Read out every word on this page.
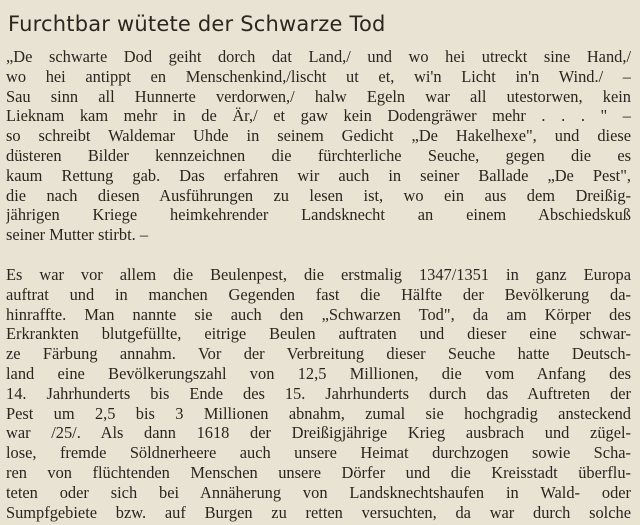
Furchtbar wütete der Schwarze Tod
„De schwarte Dod geiht dorch dat Land,/ und wo hei utreckt sine Hand,/
wo hei antippt en Menschenkind,/lischt ut et, wi'n Licht in'n Wind./ –
Sau sinn all Hunnerte verdorwen,/ halw Egeln war all utestorwen, kein
Lieknam kam mehr in de Är,/ et gaw kein Dodengräwer mehr . . . " –
so schreibt Waldemar Uhde in seinem Gedicht „De Hakelhexe", und diese
düsteren Bilder kennzeichnen die fürchterliche Seuche, gegen die es
kaum Rettung gab. Das erfahren wir auch in seiner Ballade „De Pest",
die nach diesen Ausführungen zu lesen ist, wo ein aus dem Dreißig-
jährigen Kriege heimkehrender Landsknecht an einem Abschiedskuß
seiner Mutter stirbt. –
Es war vor allem die Beulenpest, die erstmalig 1347/1351 in ganz Europa
auftrat und in manchen Gegenden fast die Hälfte der Bevölkerung da-
hinraffte. Man nannte sie auch den „Schwarzen Tod", da am Körper des
Erkrankten blutgefüllte, eitrige Beulen auftraten und dieser eine schwar-
ze Färbung annahm. Vor der Verbreitung dieser Seuche hatte Deutsch-
land eine Bevölkerungszahl von 12,5 Millionen, die vom Anfang des
14. Jahrhunderts bis Ende des 15. Jahrhunderts durch das Auftreten der
Pest um 2,5 bis 3 Millionen abnahm, zumal sie hochgradig ansteckend
war /25/. Als dann 1618 der Dreißigjährige Krieg ausbrach und zügel-
lose, fremde Söldnerheere auch unsere Heimat durchzogen sowie Scha-
ren von flüchtenden Menschen unsere Dörfer und die Kreisstadt überflu-
teten oder sich bei Annäherung von Landsknechtshaufen in Wald- oder
Sumpfgebiete bzw. auf Burgen zu retten versuchten, da war durch solche
